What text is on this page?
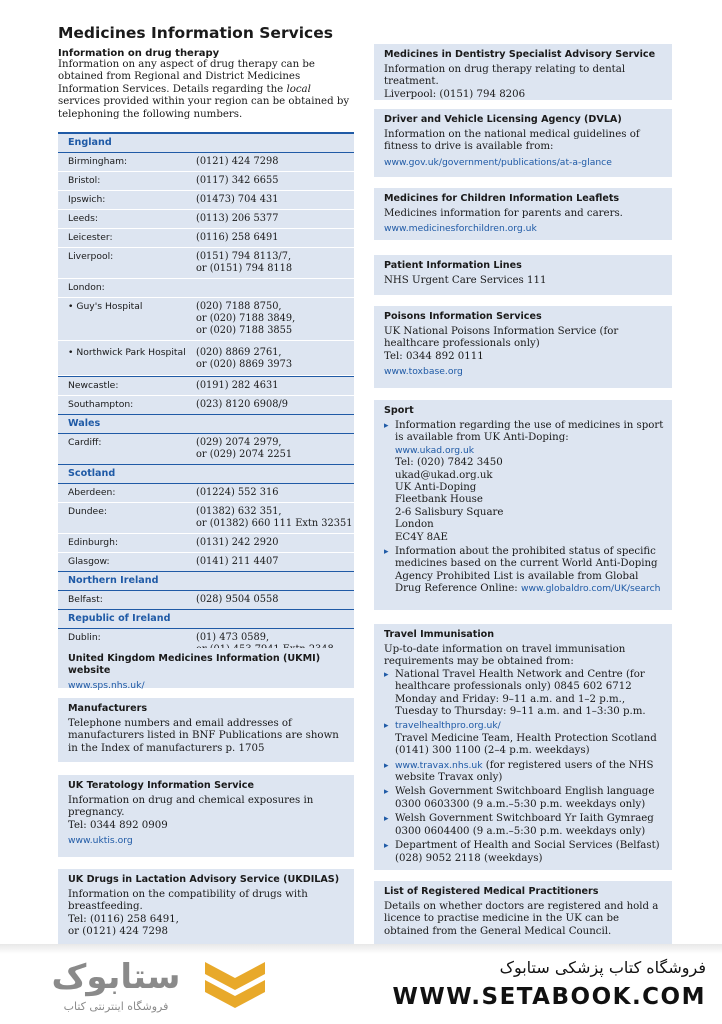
Medicines Information Services
Information on drug therapy

Information on any aspect of drug therapy can be obtained from Regional and District Medicines Information Services. Details regarding the local services provided within your region can be obtained by telephoning the following numbers.

England
Birmingham:	(0121) 424 7298
Bristol:	(0117) 342 6655
Ipswich:	(01473) 704 431
Leeds:	(0113) 206 5377
Leicester:	(0116) 258 6491
Liverpool:	(0151) 794 8113/7,
or (0151) 794 8118
London:
• Guy's Hospital	(020) 7188 8750,
or (020) 7188 3849,
or (020) 7188 3855
• Northwick Park Hospital	(020) 8869 2761,
or (020) 8869 3973
Newcastle:	(0191) 282 4631
Southampton:	(023) 8120 6908/9
Wales
Cardiff:	(029) 2074 2979,
or (029) 2074 2251
Scotland
Aberdeen:	(01224) 552 316
Dundee:	(01382) 632 351,
or (01382) 660 111 Extn 32351
Edinburgh:	(0131) 242 2920
Glasgow:	(0141) 211 4407
Northern Ireland
Belfast:	(028) 9504 0558
Republic of Ireland
Dublin:	(01) 473 0589,
United Kingdom Medicines Information (UKMI) website
www.sps.nhs.uk/
Manufacturers

Telephone numbers and email addresses of manufacturers listed in BNF Publications are shown in the Index of manufacturers p. 1705

UK Teratology Information Service

Information on drug and chemical exposures in pregnancy.

Tel: 0344 892 0909

www.uktis.org
UK Drugs in Lactation Advisory Service (UKDILAS)

Information on the compatibility of drugs with breastfeeding.

Tel: (0116) 258 6491,

or (0121) 424 7298

Medicines in Dentistry Specialist Advisory Service

Information on drug therapy relating to dental treatment.

Liverpool: (0151) 794 8206

Driver and Vehicle Licensing Agency (DVLA)

Information on the national medical guidelines of fitness to drive is available from:

www.gov.uk/government/publications/at-a-glance
Medicines for Children Information Leaflets

Medicines information for parents and carers.

www.medicinesforchildren.org.uk
Patient Information Lines

NHS Urgent Care Services 111

Poisons Information Services

UK National Poisons Information Service (for healthcare professionals only)

Tel: 0344 892 0111

www.toxbase.org
Sport
▸ Information regarding the use of medicines in sport is available from UK Anti-Doping:
www.ukad.org.uk
Tel: (020) 7842 3450
ukad@ukad.org.uk
UK Anti-Doping
Fleetbank House
2-6 Salisbury Square
London
EC4Y 8AE
▸ Information about the prohibited status of specific medicines based on the current World Anti-Doping Agency Prohibited List is available from Global Drug Reference Online: www.globaldro.com/UK/search
Travel Immunisation

Up-to-date information on travel immunisation requirements may be obtained from:

▸ National Travel Health Network and Centre (for healthcare professionals only) 0845 602 6712 Monday and Friday: 9–11 a.m. and 1–2 p.m., Tuesday to Thursday: 9–11 a.m. and 1–3:30 p.m.
▸ travelhealthpro.org.uk/
Travel Medicine Team, Health Protection Scotland (0141) 300 1100 (2–4 p.m. weekdays)
▸ www.travax.nhs.uk (for registered users of the NHS website Travax only)
▸ Welsh Government Switchboard English language 0300 0603300 (9 a.m.–5:30 p.m. weekdays only)
▸ Welsh Government Switchboard Yr Iaith Gymraeg 0300 0604400 (9 a.m.–5:30 p.m. weekdays only)
▸ Department of Health and Social Services (Belfast) (028) 9052 2118 (weekdays)
List of Registered Medical Practitioners

Details on whether doctors are registered and hold a licence to practise medicine in the UK can be obtained from the General Medical Council.

ستابوک
فروشگاه اینترنتی کتاب
فروشگاه کتاب پزشکی ستابوک
WWW.SETABOOK.COM
